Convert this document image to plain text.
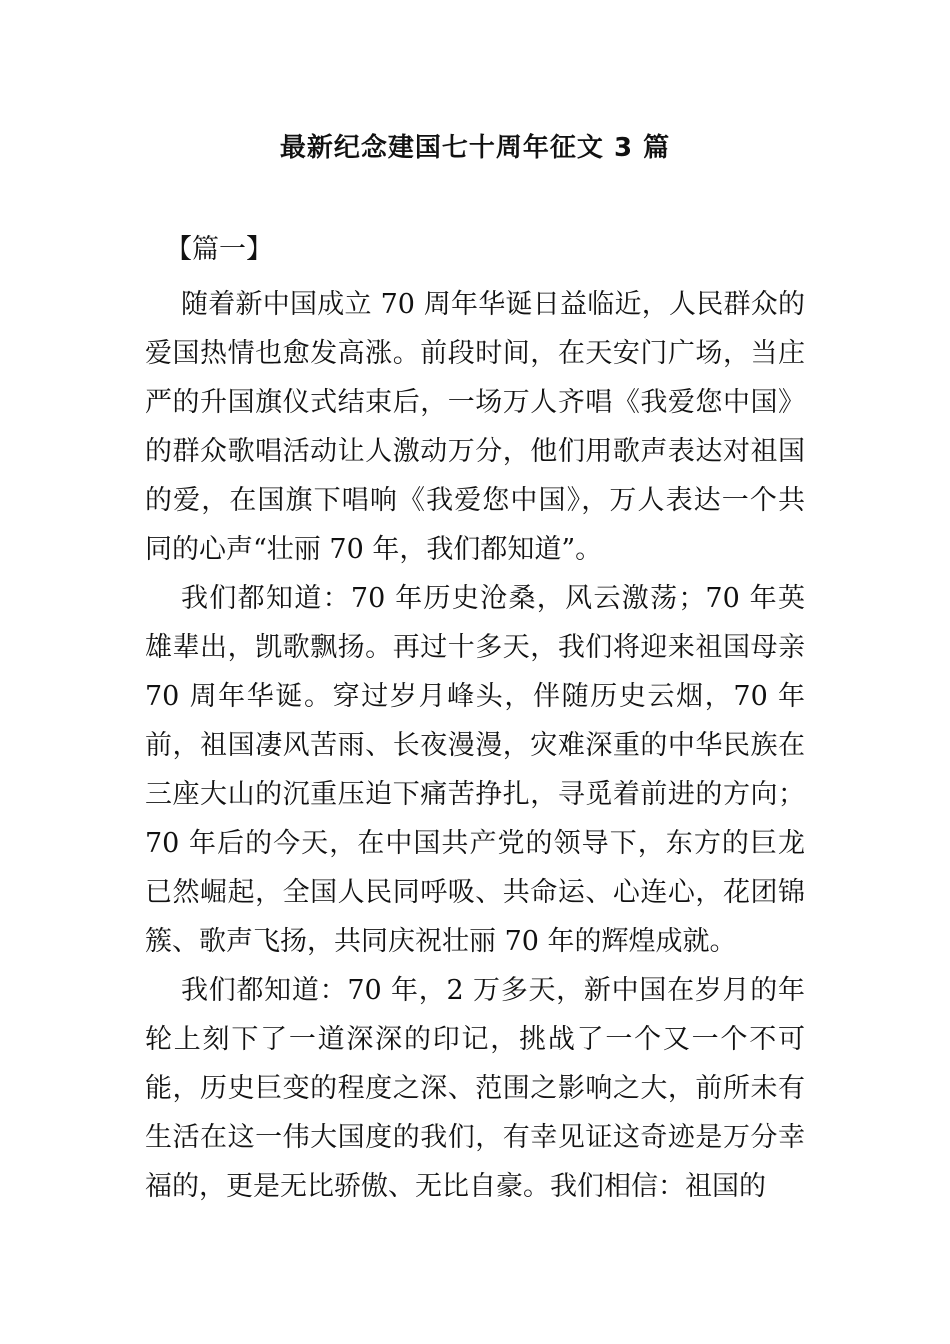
最新纪念建国七十周年征文 3 篇
【篇一】

随着新中国成立 70 周年华诞日益临近，人民群众的爱国热情也愈发高涨。前段时间，在天安门广场，当庄严的升国旗仪式结束后，一场万人齐唱《我爱您中国》的群众歌唱活动让人激动万分，他们用歌声表达对祖国的爱，在国旗下唱响《我爱您中国》，万人表达一个共同的心声“壮丽 70 年，我们都知道”。

我们都知道：70 年历史沧桑，风云激荡；70 年英雄辈出，凯歌飘扬。再过十多天，我们将迎来祖国母亲 70 周年华诞。穿过岁月峰头，伴随历史云烟，70 年前，祖国凄风苦雨、长夜漫漫，灾难深重的中华民族在三座大山的沉重压迫下痛苦挣扎，寻觅着前进的方向；70 年后的今天，在中国共产党的领导下，东方的巨龙已然崛起，全国人民同呼吸、共命运、心连心，花团锦簇、歌声飞扬，共同庆祝壮丽 70 年的辉煌成就。

我们都知道：70 年，2 万多天，新中国在岁月的年轮上刻下了一道深深的印记，挑战了一个又一个不可能，历史巨变的程度之深、范围之影响之大，前所未有生活在这一伟大国度的我们，有幸见证这奇迹是万分幸福的，更是无比骄傲、无比自豪。我们相信：祖国的
